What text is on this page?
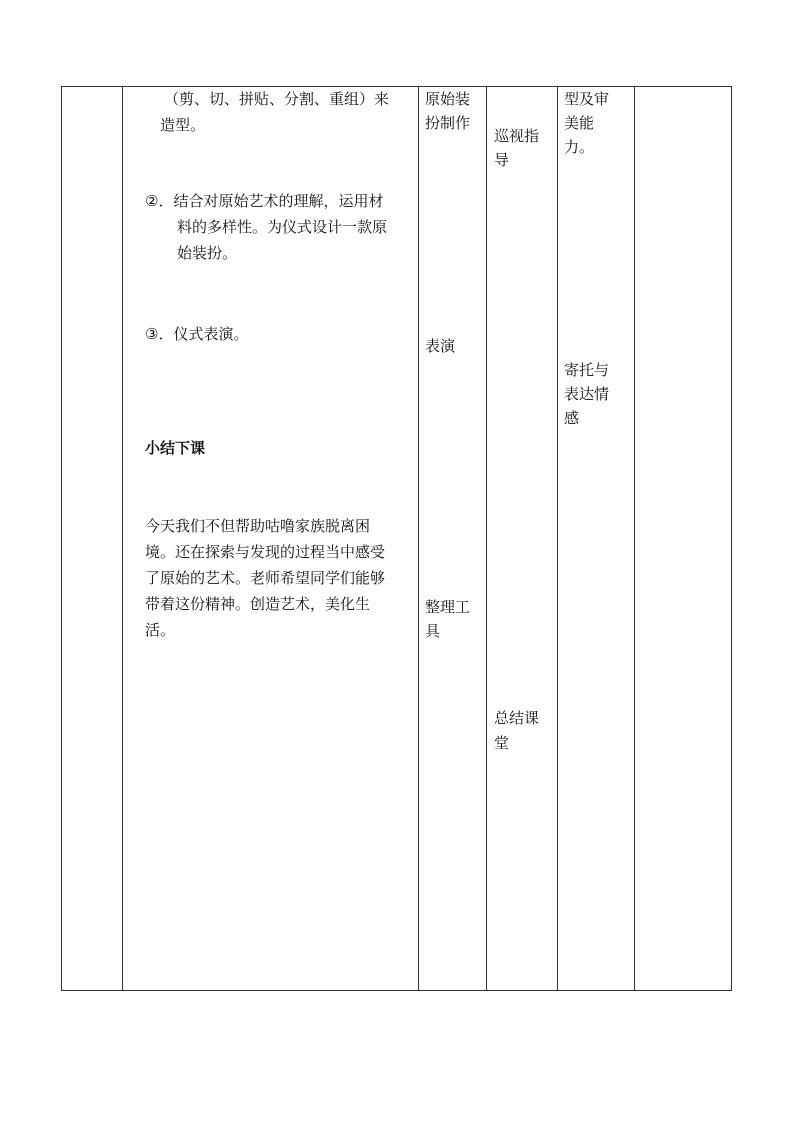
（剪、切、拼贴、分割、重组）来
造型。
②．结合对原始艺术的理解，运用材
料的多样性。为仪式设计一款原
始装扮。
③．仪式表演。
小结下课
今天我们不但帮助咕噜家族脱离困
境。还在探索与发现的过程当中感受
了原始的艺术。老师希望同学们能够
带着这份精神。创造艺术，美化生
活。
原始装
扮制作
表演
整理工
具
巡视指
导
总结课
堂
型及审
美能
力。
寄托与
表达情
感
